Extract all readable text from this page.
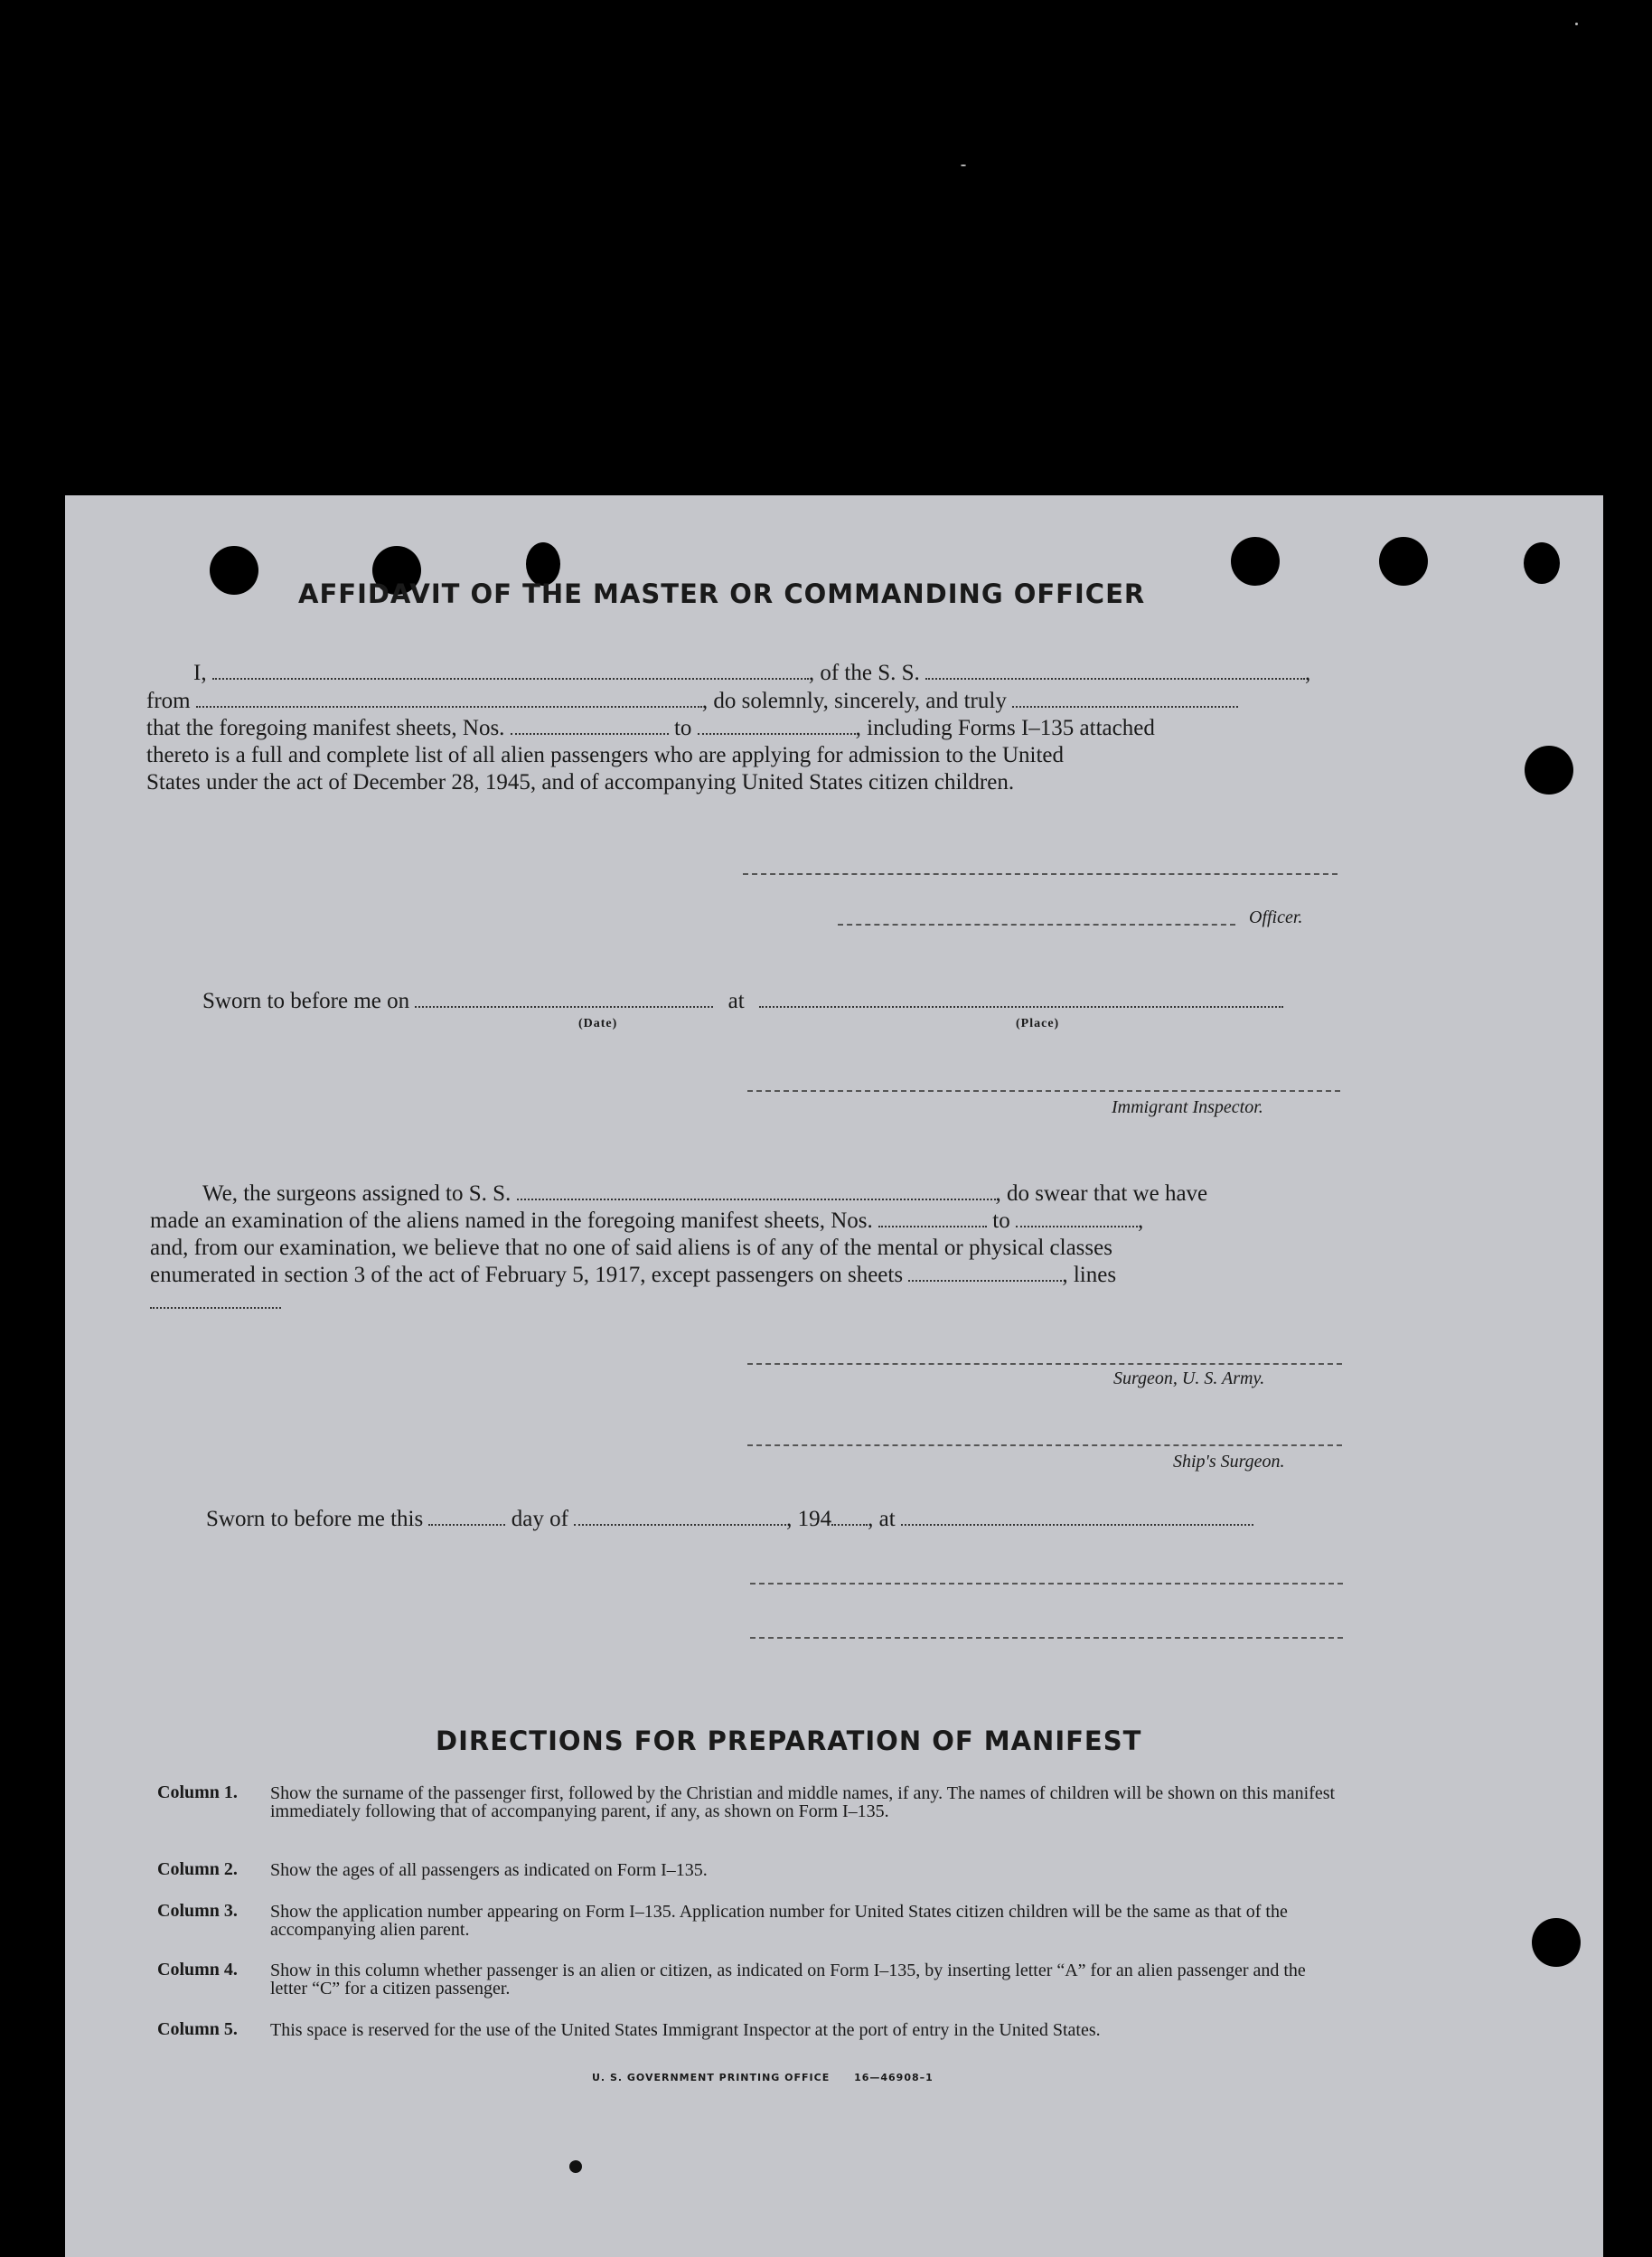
AFFIDAVIT OF THE MASTER OR COMMANDING OFFICER
I,	, of the S. S.	,
from	, do solemnly, sincerely, and truly
that the foregoing manifest sheets, Nos.	to	, including Forms I–135 attached
thereto is a full and complete list of all alien passengers who are applying for admission to the United
States under the act of December 28, 1945, and of accompanying United States citizen children.
Officer.
Sworn to before me on	at
(Date)	(Place)
Immigrant Inspector.
We, the surgeons assigned to S. S.	, do swear that we have
made an examination of the aliens named in the foregoing manifest sheets, Nos.	to	,
and, from our examination, we believe that no one of said aliens is of any of the mental or physical classes
enumerated in section 3 of the act of February 5, 1917, except passengers on sheets	, lines
Surgeon, U. S. Army.
Ship's Surgeon.
Sworn to before me this	day of	, 194 , at
DIRECTIONS FOR PREPARATION OF MANIFEST
Column 1. Show the surname of the passenger first, followed by the Christian and middle names, if any. The names of children will be shown on this manifest immediately following that of accompanying parent, if any, as shown on Form I–135.
Column 2. Show the ages of all passengers as indicated on Form I–135.
Column 3. Show the application number appearing on Form I–135. Application number for United States citizen children will be the same as that of the accompanying alien parent.
Column 4. Show in this column whether passenger is an alien or citizen, as indicated on Form I–135, by inserting letter “A” for an alien passenger and the letter “C” for a citizen passenger.
Column 5. This space is reserved for the use of the United States Immigrant Inspector at the port of entry in the United States.
U. S. GOVERNMENT PRINTING OFFICE 16—46908–1
